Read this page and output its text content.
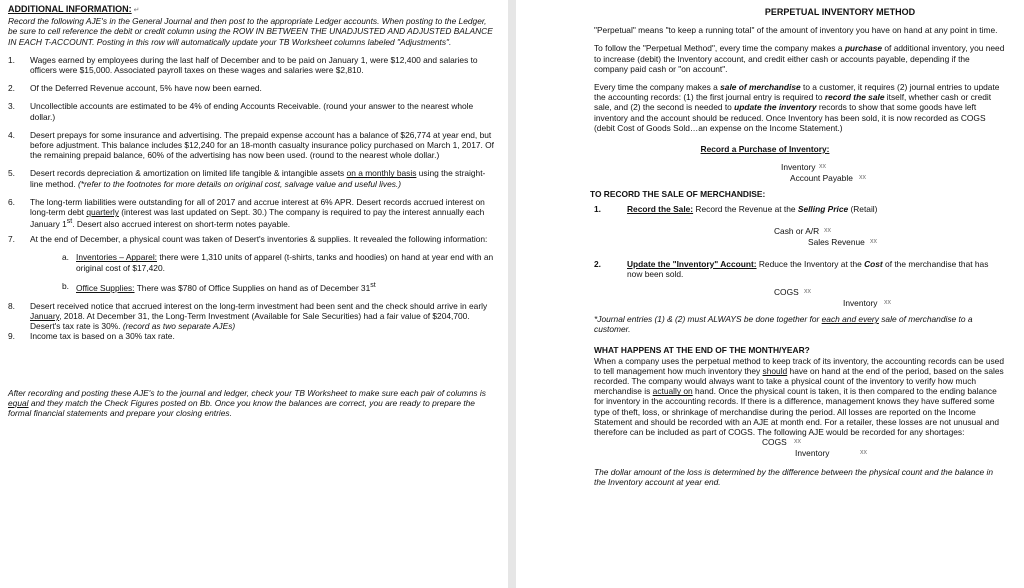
ADDITIONAL INFORMATION: ↵

Record the following AJE's in the General Journal and then post to the appropriate Ledger accounts. When posting to the Ledger, be sure to cell reference the debit or credit column using the ROW IN BETWEEN THE UNADJUSTED AND ADJUSTED BALANCE IN EACH T-ACCOUNT. Posting in this row will automatically update your TB Worksheet columns labeled "Adjustments".

1.	Wages earned by employees during the last half of December and to be paid on January 1, were $12,400 and salaries to officers were $15,000. Associated payroll taxes on these wages and salaries were $2,810.
2.	Of the Deferred Revenue account, 5% have now been earned.
3.	Uncollectible accounts are estimated to be 4% of ending Accounts Receivable. (round your answer to the nearest whole dollar.)
4.	Desert prepays for some insurance and advertising. The prepaid expense account has a balance of $26,774 at year end, but before adjustment. This balance includes $12,240 for an 18-month casualty insurance policy purchased on March 1, 2017. Of the remaining prepaid balance, 60% of the advertising has now been used. (round to the nearest whole dollar.)
5.	Desert records depreciation & amortization on limited life tangible & intangible assets on a monthly basis using the straight-line method. (*refer to the footnotes for more details on original cost, salvage value and useful lives.)
6.	The long-term liabilities were outstanding for all of 2017 and accrue interest at 6% APR. Desert records accrued interest on long-term debt quarterly (interest was last updated on Sept. 30.) The company is required to pay the interest annually each January 1st. Desert also accrued interest on short-term notes payable.
7.	At the end of December, a physical count was taken of Desert's inventories & supplies. It revealed the following information:
a. Inventories – Apparel: there were 1,310 units of apparel (t-shirts, tanks and hoodies) on hand at year end with an original cost of $17,420.
b. Office Supplies: There was $780 of Office Supplies on hand as of December 31st
8.	Desert received notice that accrued interest on the long-term investment had been sent and the check should arrive in early January, 2018. At December 31, the Long-Term Investment (Available for Sale Securities) had a fair value of $204,700. Desert's tax rate is 30%. (record as two separate AJEs)
9.	Income tax is based on a 30% tax rate.

After recording and posting these AJE's to the journal and ledger, check your TB Worksheet to make sure each pair of columns is equal and they match the Check Figures posted on Bb. Once you know the balances are correct, you are ready to prepare the formal financial statements and prepare your closing entries.

PERPETUAL INVENTORY METHOD

"Perpetual" means "to keep a running total" of the amount of inventory you have on hand at any point in time.

To follow the "Perpetual Method", every time the company makes a purchase of additional inventory, you need to increase (debit) the Inventory account, and credit either cash or accounts payable, depending if the company paid cash or "on account".

Every time the company makes a sale of merchandise to a customer, it requires (2) journal entries to update the accounting records: (1) the first journal entry is required to record the sale itself, whether cash or credit sale, and (2) the second is needed to update the inventory records to show that some goods have left inventory and the account should be reduced. Once Inventory has been sold, it is now recorded as COGS (debit Cost of Goods Sold…an expense on the Income Statement.)

Record a Purchase of Inventory:

Inventory xx
Account Payable xx

TO RECORD THE SALE OF MERCHANDISE:

1.	Record the Sale: Record the Revenue at the Selling Price (Retail)
Cash or A/R xx
Sales Revenue xx
2.	Update the "Inventory" Account: Reduce the Inventory at the Cost of the merchandise that has now been sold.
COGS xx
Inventory xx

*Journal entries (1) & (2) must ALWAYS be done together for each and every sale of merchandise to a customer.

WHAT HAPPENS AT THE END OF THE MONTH/YEAR?

When a company uses the perpetual method to keep track of its inventory, the accounting records can be used to tell management how much inventory they should have on hand at the end of the period, based on the sales recorded. The company would always want to take a physical count of the inventory to verify how much merchandise is actually on hand. Once the physical count is taken, it is then compared to the ending balance for inventory in the accounting records. If there is a difference, management knows they have suffered some type of theft, loss, or shrinkage of merchandise during the period. All losses are reported on the Income Statement and should be recorded with an AJE at month end. For a retailer, these losses are not unusual and therefore can be included as part of COGS. The following AJE would be recorded for any shortages:

COGS xx
Inventory	xx

The dollar amount of the loss is determined by the difference between the physical count and the balance in the Inventory account at year end.
